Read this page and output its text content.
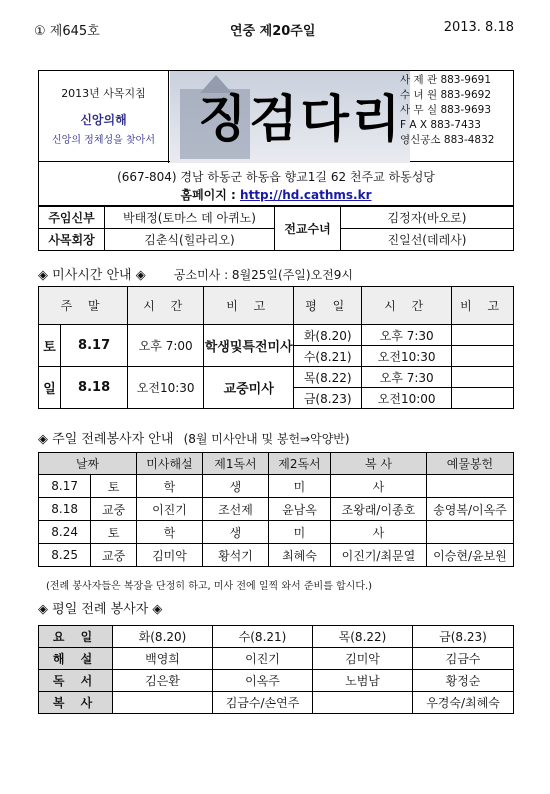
① 제645호	연중 제20주일	2013. 8.18
2013년 사목지침
신앙의해
신앙의 정체성을 찾아서 징검다리
사 제 관 883-9691
수 녀 원 883-9692
사 무 실 883-9693
F A X 883-7433
영신공소 883-4832
(667-804) 경남 하동군 하동읍 향교1길 62 천주교 하동성당
홈페이지 : http://hd.cathms.kr
주임신부	박태정(토마스 데 아퀴노)	전교수녀	김정자(바오로)
사목회장	김춘식(힐라리오)		진일선(데레사)
◈ 미사시간 안내 ◈ 공소미사 : 8월25일(주일)오전9시
주 말		시 간	비 고	평 일	시 간	비 고
토	8.17	오후 7:00	학생및특전미사	화(8.20)	오후 7:30	
				수(8.21)	오전10:30	
일	8.18	오전10:30	교중미사	목(8.22)	오후 7:30	
				금(8.23)	오전10:00	
◈ 주일 전례봉사자 안내 (8월 미사안내 및 봉헌⇒악양반)
날짜		미사해설	제1독서	제2독서	복 사	예물봉헌
8.17	토	학	생	미	사	
8.18	교중	이진기	조선제	윤남옥	조왕래/이종호	송영복/이옥주
8.24	토	학	생	미	사	
8.25	교중	김미악	황석기	최혜숙	이진기/최문열	이승현/윤보원
(전례 봉사자들은 복장을 단정히 하고, 미사 전에 일찍 와서 준비를 합시다.)
◈ 평일 전례 봉사자 ◈
요 일	화(8.20)	수(8.21)	목(8.22)	금(8.23)
해 설	백영희	이진기	김미악	김금수
독 서	김은환	이옥주	노범남	황정순
복 사		김금수/손연주		우경숙/최혜숙
